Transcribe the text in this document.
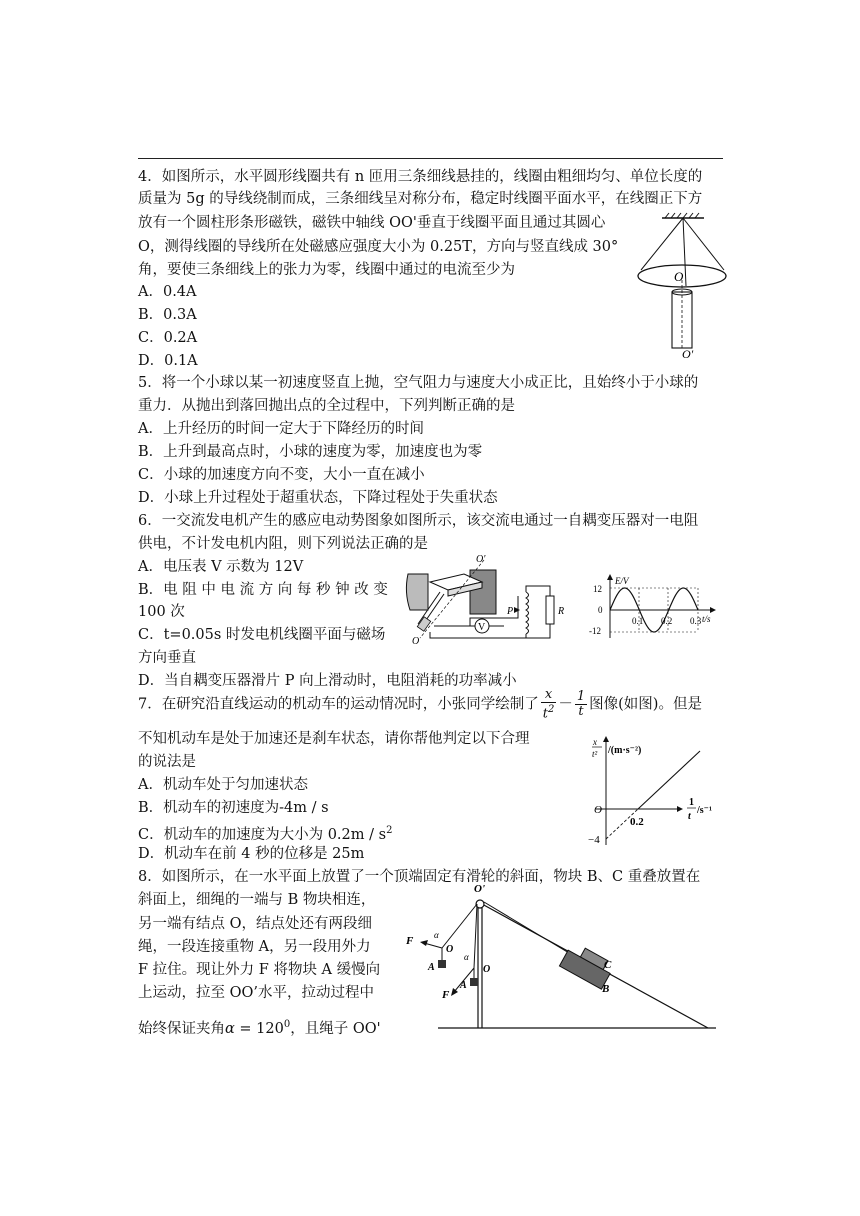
4．如图所示，水平圆形线圈共有 n 匝用三条细线悬挂的，线圈由粗细均匀、单位长度的
质量为 5g 的导线绕制而成，三条细线呈对称分布，稳定时线圈平面水平，在线圈正下方
放有一个圆柱形条形磁铁，磁铁中轴线 OO'垂直于线圈平面且通过其圆心
O，测得线圈的导线所在处磁感应强度大小为 0.25T，方向与竖直线成 30°
角，要使三条细线上的张力为零，线圈中通过的电流至少为
A．0.4A
B．0.3A
C．0.2A
D．0.1A
O
O'
5．将一个小球以某一初速度竖直上抛，空气阻力与速度大小成正比，且始终小于小球的
重力．从抛出到落回抛出点的全过程中，下列判断正确的是
A．上升经历的时间一定大于下降经历的时间
B．上升到最高点时，小球的速度为零，加速度也为零
C．小球的加速度方向不变，大小一直在减小
D．小球上升过程处于超重状态，下降过程处于失重状态
6．一交流发电机产生的感应电动势图象如图所示，该交流电通过一自耦变压器对一电阻
供电，不计发电机内阻，则下列说法正确的是
A．电压表 V 示数为 12V
B．电 阻 中 电 流 方 向 每 秒 钟 改 变
100 次
C．t=0.05s 时发电机线圈平面与磁场
方向垂直
D．当自耦变压器滑片 P 向上滑动时，电阻消耗的功率减小
O'
O
V
R
P
E/V
12
0
-12
0.1 0.2 0.3 t/s
7．在研究沿直线运动的机动车的运动情况时，小张同学绘制了 $\frac{x}{t^2} - \frac{1}{t}$ 图像(如图)。但是
不知机动车是处于加速还是刹车状态，请你帮他判定以下合理
的说法是
A．机动车处于匀加速状态
B．机动车的初速度为-4m / s
C．机动车的加速度为大小为 $0.2m / s^2$
D．机动车在前 4 秒的位移是 25m
x
t² /(m·s⁻²)
O
0.2
−4
1
t
/s⁻¹
8．如图所示，在一水平面上放置了一个顶端固定有滑轮的斜面，物块 B、C 重叠放置在
斜面上，细绳的一端与 B 物块相连，
另一端有结点 O，结点处还有两段细
绳，一段连接重物 A，另一段用外力
F 拉住。现让外力 F 将物块 A 缓慢向
上运动，拉至 OO’水平，拉动过程中
始终保证夹角$\alpha = 120^0$，且绳子 OO'
O'
C
B
F α
O
A
F
α
O
A
